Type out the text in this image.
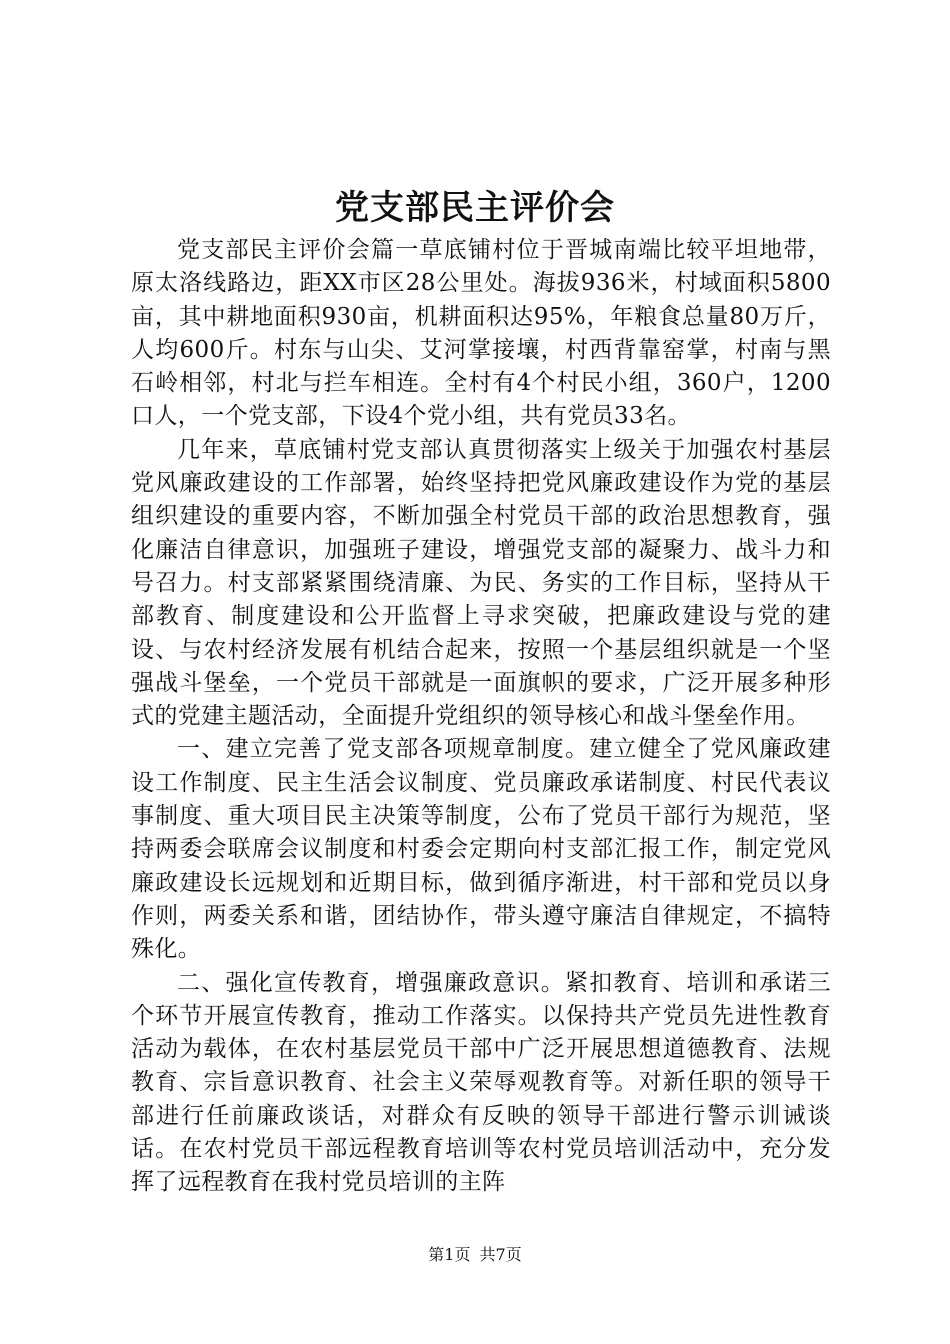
党支部民主评价会

党支部民主评价会篇一草底铺村位于晋城南端比较平坦地带，原太洛线路边，距XX市区28公里处。海拔936米，村域面积5800亩，其中耕地面积930亩，机耕面积达95%，年粮食总量80万斤，人均600斤。村东与山尖、艾河掌接壤，村西背靠窑掌，村南与黑石岭相邻，村北与拦车相连。全村有4个村民小组，360户，1200口人，一个党支部，下设4个党小组，共有党员33名。

几年来，草底铺村党支部认真贯彻落实上级关于加强农村基层党风廉政建设的工作部署，始终坚持把党风廉政建设作为党的基层组织建设的重要内容，不断加强全村党员干部的政治思想教育，强化廉洁自律意识，加强班子建设，增强党支部的凝聚力、战斗力和号召力。村支部紧紧围绕清廉、为民、务实的工作目标，坚持从干部教育、制度建设和公开监督上寻求突破，把廉政建设与党的建设、与农村经济发展有机结合起来，按照一个基层组织就是一个坚强战斗堡垒，一个党员干部就是一面旗帜的要求，广泛开展多种形式的党建主题活动，全面提升党组织的领导核心和战斗堡垒作用。

一、建立完善了党支部各项规章制度。建立健全了党风廉政建设工作制度、民主生活会议制度、党员廉政承诺制度、村民代表议事制度、重大项目民主决策等制度，公布了党员干部行为规范，坚持两委会联席会议制度和村委会定期向村支部汇报工作，制定党风廉政建设长远规划和近期目标，做到循序渐进，村干部和党员以身作则，两委关系和谐，团结协作，带头遵守廉洁自律规定，不搞特殊化。

二、强化宣传教育，增强廉政意识。紧扣教育、培训和承诺三个环节开展宣传教育，推动工作落实。以保持共产党员先进性教育活动为载体，在农村基层党员干部中广泛开展思想道德教育、法规教育、宗旨意识教育、社会主义荣辱观教育等。对新任职的领导干部进行任前廉政谈话，对群众有反映的领导干部进行警示训诫谈话。在农村党员干部远程教育培训等农村党员培训活动中，充分发挥了远程教育在我村党员培训的主阵

第1页 共7页
